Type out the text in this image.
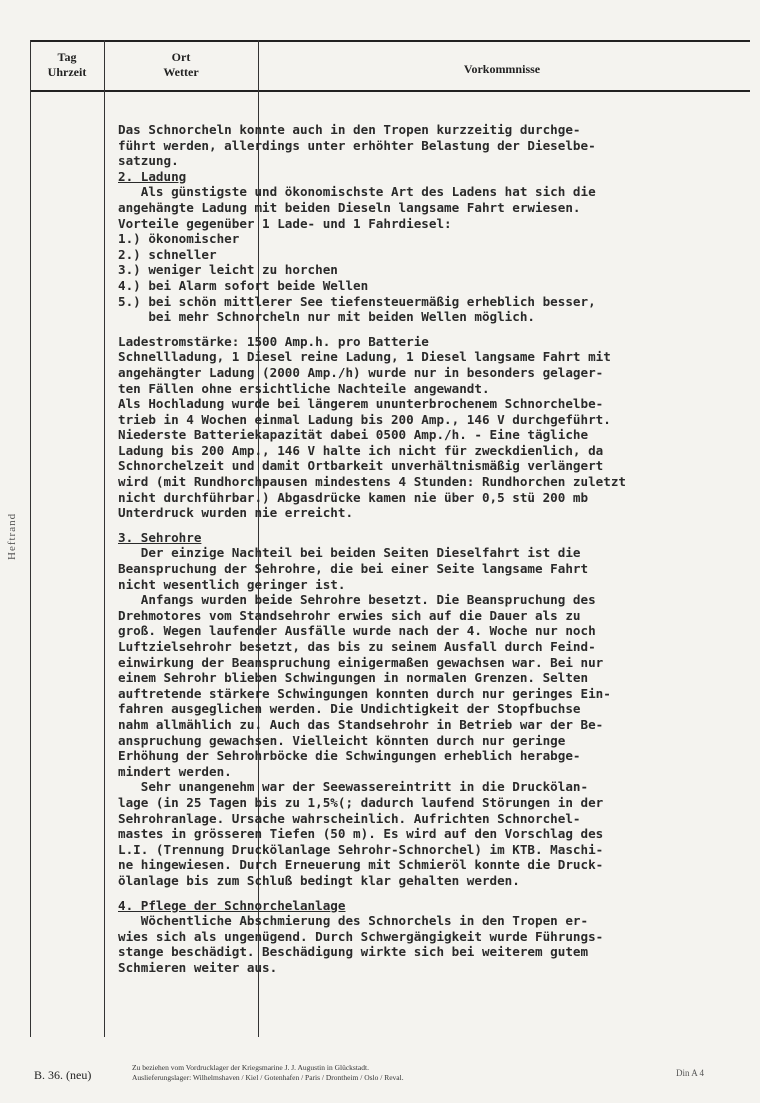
Tag
Uhrzeit
Ort
Wetter	Vorkommnisse

Das Schnorcheln konnte auch in den Tropen kurzzeitig durchge-

führt werden, allerdings unter erhöhter Belastung der Dieselbe-

satzung.

2. Ladung

Als günstigste und ökonomischste Art des Ladens hat sich die

angehängte Ladung mit beiden Dieseln langsame Fahrt erwiesen.

Vorteile gegenüber 1 Lade- und 1 Fahrdiesel:

1.) ökonomischer

2.) schneller

3.) weniger leicht zu horchen

4.) bei Alarm sofort beide Wellen

5.) bei schön mittlerer See tiefensteuermäßig erheblich besser,

bei mehr Schnorcheln nur mit beiden Wellen möglich.

Ladestromstärke: 1500 Amp.h. pro Batterie

Schnellladung, 1 Diesel reine Ladung, 1 Diesel langsame Fahrt mit

angehängter Ladung (2000 Amp./h) wurde nur in besonders gelager-

ten Fällen ohne ersichtliche Nachteile angewandt.

Als Hochladung wurde bei längerem ununterbrochenem Schnorchelbe-

trieb in 4 Wochen einmal Ladung bis 200 Amp., 146 V durchgeführt.

Niederste Batteriekapazität dabei 0500 Amp./h. - Eine tägliche

Ladung bis 200 Amp., 146 V halte ich nicht für zweckdienlich, da

Schnorchelzeit und damit Ortbarkeit unverhältnismäßig verlängert

wird (mit Rundhorchpausen mindestens 4 Stunden: Rundhorchen zuletzt

nicht durchführbar.) Abgasdrücke kamen nie über 0,5 stü 200 mb

Unterdruck wurden nie erreicht.

3. Sehrohre

Der einzige Nachteil bei beiden Seiten Dieselfahrt ist die

Beanspruchung der Sehrohre, die bei einer Seite langsame Fahrt

nicht wesentlich geringer ist.

Anfangs wurden beide Sehrohre besetzt. Die Beanspruchung des

Drehmotores vom Standsehrohr erwies sich auf die Dauer als zu

groß. Wegen laufender Ausfälle wurde nach der 4. Woche nur noch

Luftzielsehrohr besetzt, das bis zu seinem Ausfall durch Feind-

einwirkung der Beanspruchung einigermaßen gewachsen war. Bei nur

einem Sehrohr blieben Schwingungen in normalen Grenzen. Selten

auftretende stärkere Schwingungen konnten durch nur geringes Ein-

fahren ausgeglichen werden. Die Undichtigkeit der Stopfbuchse

nahm allmählich zu. Auch das Standsehrohr in Betrieb war der Be-

anspruchung gewachsen. Vielleicht könnten durch nur geringe

Erhöhung der Sehrohrböcke die Schwingungen erheblich herabge-

mindert werden.

Sehr unangenehm war der Seewassereintritt in die Druckölan-

lage (in 25 Tagen bis zu 1,5%(; dadurch laufend Störungen in der

Sehrohranlage. Ursache wahrscheinlich. Aufrichten Schnorchel-

mastes in grösseren Tiefen (50 m). Es wird auf den Vorschlag des

L.I. (Trennung Druckölanlage Sehrohr-Schnorchel) im KTB. Maschi-

ne hingewiesen. Durch Erneuerung mit Schmieröl konnte die Druck-

ölanlage bis zum Schluß bedingt klar gehalten werden.

4. Pflege der Schnorchelanlage

Wöchentliche Abschmierung des Schnorchels in den Tropen er-

wies sich als ungenügend. Durch Schwergängigkeit wurde Führungs-

stange beschädigt. Beschädigung wirkte sich bei weiterem gutem

Schmieren weiter aus.

Heftrand
B. 36. (neu)
Zu beziehen vom Vordrucklager der Kriegsmarine J. J. Augustin in Glückstadt.
Auslieferungslager: Wilhelmshaven / Kiel / Gotenhafen / Paris / Drontheim / Oslo / Reval.	Din A 4
